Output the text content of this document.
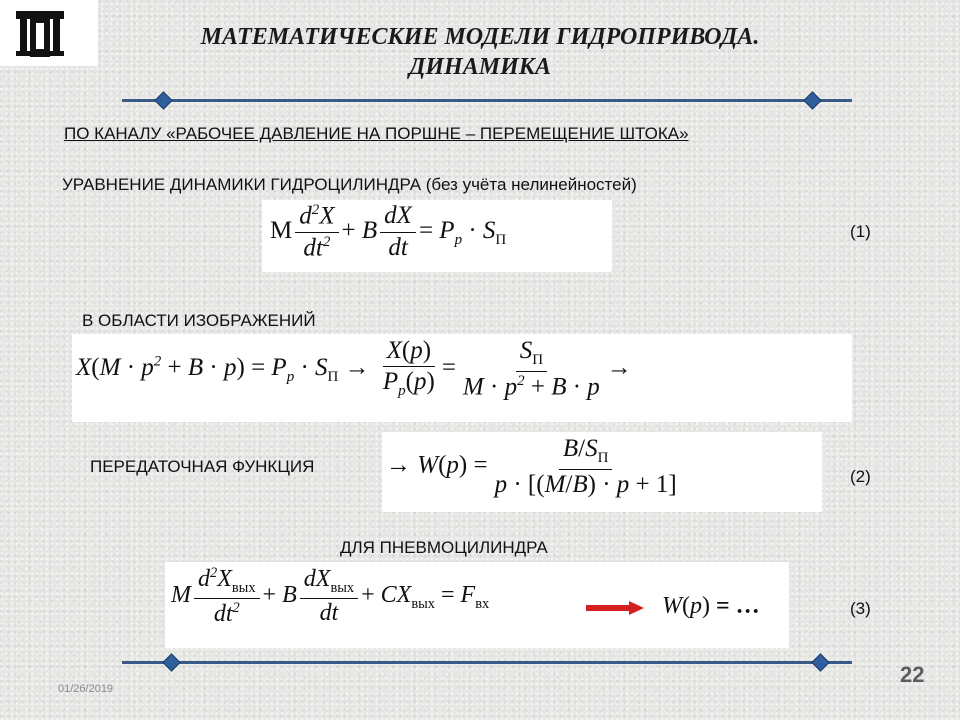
МАТЕМАТИЧЕСКИЕ МОДЕЛИ ГИДРОПРИВОДА.
ДИНАМИКА
ПО КАНАЛУ «РАБОЧЕЕ ДАВЛЕНИЕ НА ПОРШНЕ – ПЕРЕМЕЩЕНИЕ ШТОКА»
УРАВНЕНИЕ ДИНАМИКИ ГИДРОЦИЛИНДРА (без учёта нелинейностей)
M $\frac{d^2X}{dt^2} + B \frac{dX}{dt} = P_p \cdot S_П$	(1)
В ОБЛАСТИ ИЗОБРАЖЕНИЙ
$X(M \cdot p^2 + B \cdot p) = P_p \cdot S_П \to \frac{X(p)}{P_p(p)} = \frac{S_П}{M \cdot p^2 + B \cdot p}$ →
ПЕРЕДАТОЧНАЯ ФУНКЦИЯ	→ $W(p) = \frac{B/S_П}{p \cdot [(M/B) \cdot p + 1]}$	(2)
ДЛЯ ПНЕВМОЦИЛИНДРА
M $\frac{d^2X_{вых}}{dt^2} + B \frac{dX_{вых}}{dt} + CX_{вых} = F_{вх}$	W(p) = …	(3)
01/26/2019
22
